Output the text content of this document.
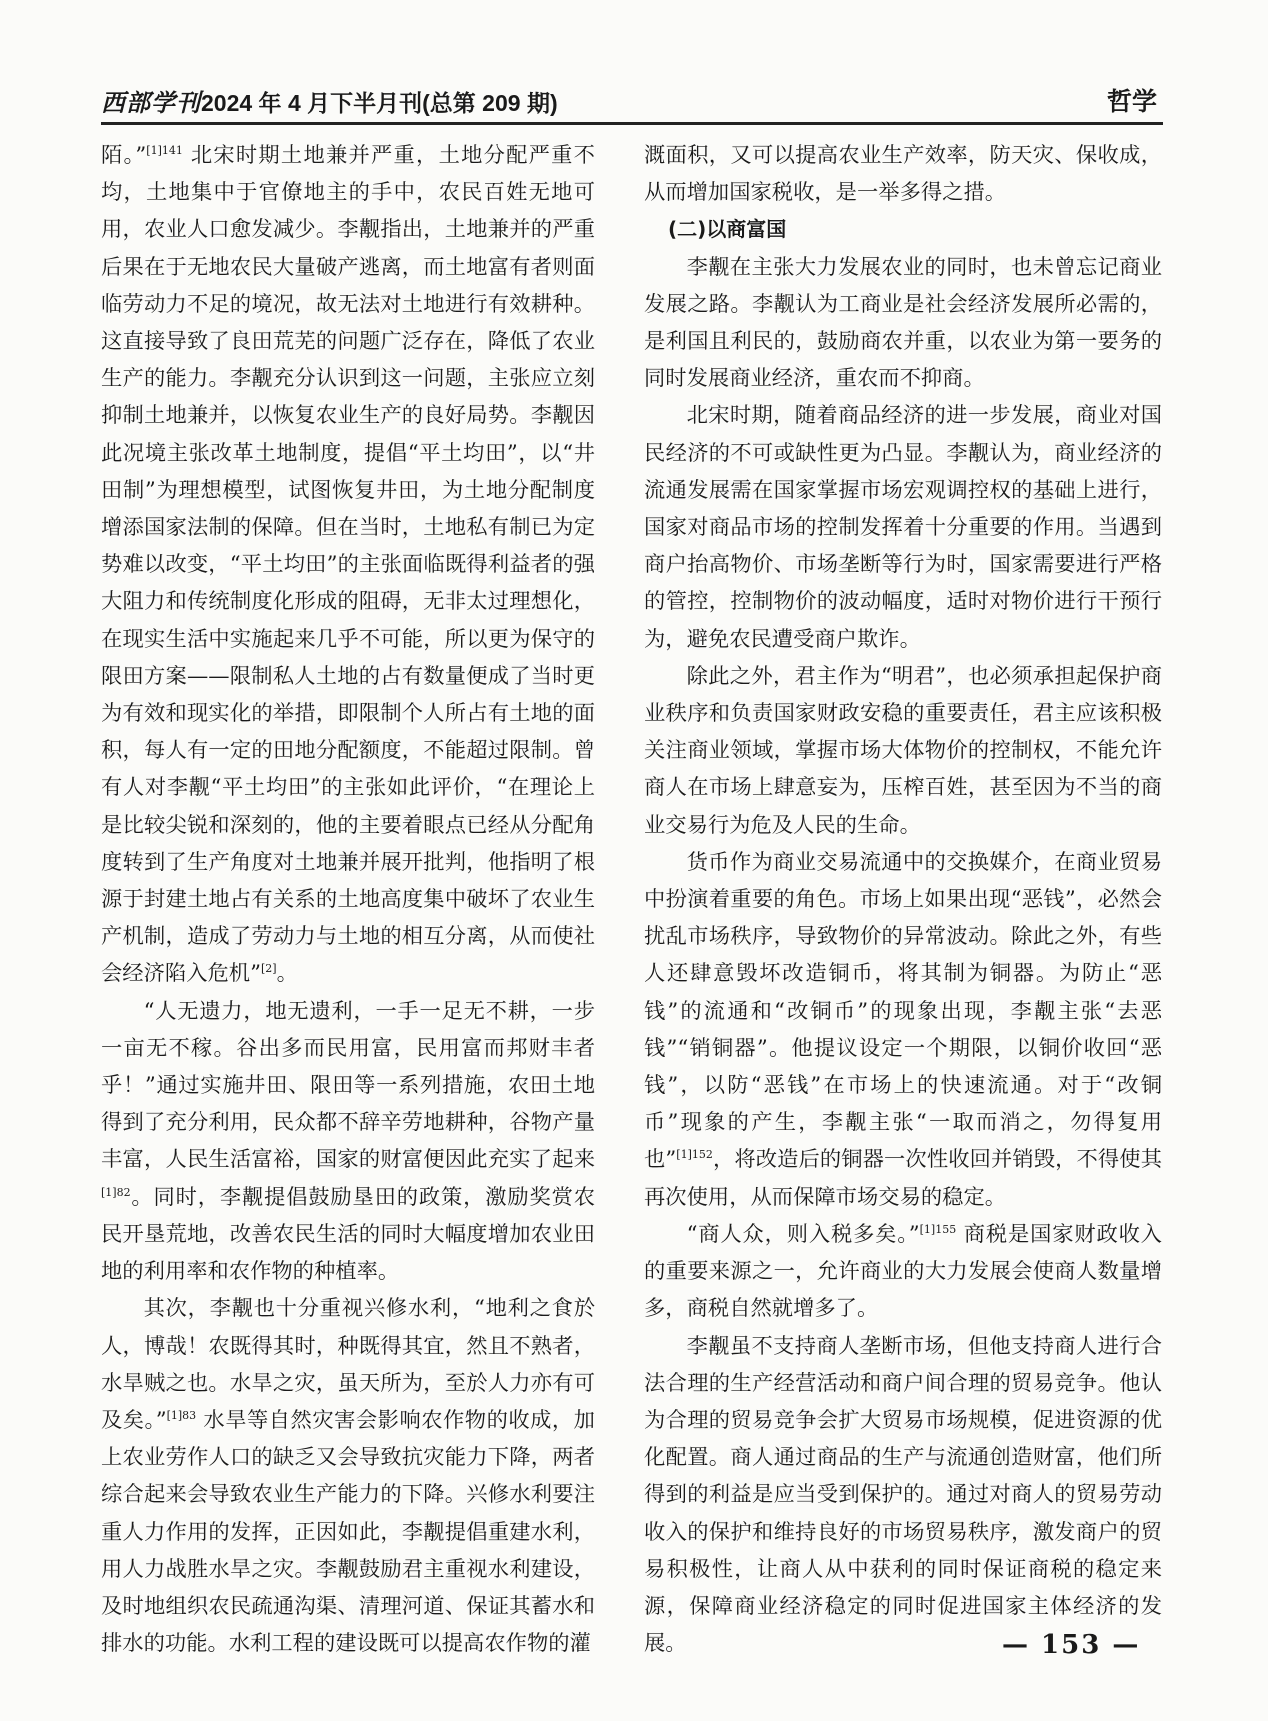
西部学刊 2024 年 4 月下半月刊(总第 209 期)	哲学

陌。”$^{[1]141}$ 北宋时期土地兼并严重，土地分配严重不均，土地集中于官僚地主的手中，农民百姓无地可用，农业人口愈发减少。李觏指出，土地兼并的严重后果在于无地农民大量破产逃离，而土地富有者则面临劳动力不足的境况，故无法对土地进行有效耕种。这直接导致了良田荒芜的问题广泛存在，降低了农业生产的能力。李觏充分认识到这一问题，主张应立刻抑制土地兼并，以恢复农业生产的良好局势。李觏因此况境主张改革土地制度，提倡“平土均田”，以“井田制”为理想模型，试图恢复井田，为土地分配制度增添国家法制的保障。但在当时，土地私有制已为定势难以改变，“平土均田”的主张面临既得利益者的强大阻力和传统制度化形成的阻碍，无非太过理想化，在现实生活中实施起来几乎不可能，所以更为保守的限田方案——限制私人土地的占有数量便成了当时更为有效和现实化的举措，即限制个人所占有土地的面积，每人有一定的田地分配额度，不能超过限制。曾有人对李觏“平土均田”的主张如此评价，“在理论上是比较尖锐和深刻的，他的主要着眼点已经从分配角度转到了生产角度对土地兼并展开批判，他指明了根源于封建土地占有关系的土地高度集中破坏了农业生产机制，造成了劳动力与土地的相互分离，从而使社会经济陷入危机”[2]。

“人无遗力，地无遗利，一手一足无不耕，一步一亩无不稼。谷出多而民用富，民用富而邦财丰者乎！”通过实施井田、限田等一系列措施，农田土地得到了充分利用，民众都不辞辛劳地耕种，谷物产量丰富，人民生活富裕，国家的财富便因此充实了起来$^{[1]82}$。同时，李觏提倡鼓励垦田的政策，激励奖赏农民开垦荒地，改善农民生活的同时大幅度增加农业田地的利用率和农作物的种植率。

其次，李觏也十分重视兴修水利，“地利之食於人，博哉！农既得其时，种既得其宜，然且不熟者，水旱贼之也。水旱之灾，虽天所为，至於人力亦有可及矣。”$^{[1]83}$ 水旱等自然灾害会影响农作物的收成，加上农业劳作人口的缺乏又会导致抗灾能力下降，两者综合起来会导致农业生产能力的下降。兴修水利要注重人力作用的发挥，正因如此，李觏提倡重建水利，用人力战胜水旱之灾。李觏鼓励君主重视水利建设，及时地组织农民疏通沟渠、清理河道、保证其蓄水和排水的功能。水利工程的建设既可以提高农作物的灌

溉面积，又可以提高农业生产效率，防天灾、保收成，从而增加国家税收，是一举多得之措。

(二)以商富国

李觏在主张大力发展农业的同时，也未曾忘记商业发展之路。李觏认为工商业是社会经济发展所必需的，是利国且利民的，鼓励商农并重，以农业为第一要务的同时发展商业经济，重农而不抑商。

北宋时期，随着商品经济的进一步发展，商业对国民经济的不可或缺性更为凸显。李觏认为，商业经济的流通发展需在国家掌握市场宏观调控权的基础上进行，国家对商品市场的控制发挥着十分重要的作用。当遇到商户抬高物价、市场垄断等行为时，国家需要进行严格的管控，控制物价的波动幅度，适时对物价进行干预行为，避免农民遭受商户欺诈。

除此之外，君主作为“明君”，也必须承担起保护商业秩序和负责国家财政安稳的重要责任，君主应该积极关注商业领域，掌握市场大体物价的控制权，不能允许商人在市场上肆意妄为，压榨百姓，甚至因为不当的商业交易行为危及人民的生命。

货币作为商业交易流通中的交换媒介，在商业贸易中扮演着重要的角色。市场上如果出现“恶钱”，必然会扰乱市场秩序，导致物价的异常波动。除此之外，有些人还肆意毁坏改造铜币，将其制为铜器。为防止“恶钱”的流通和“改铜币”的现象出现，李觏主张“去恶钱”“销铜器”。他提议设定一个期限，以铜价收回“恶钱”，以防“恶钱”在市场上的快速流通。对于“改铜币”现象的产生，李觏主张“一取而消之，勿得复用也”$^{[1]152}$，将改造后的铜器一次性收回并销毁，不得使其再次使用，从而保障市场交易的稳定。

“商人众，则入税多矣。”$^{[1]155}$ 商税是国家财政收入的重要来源之一，允许商业的大力发展会使商人数量增多，商税自然就增多了。

李觏虽不支持商人垄断市场，但他支持商人进行合法合理的生产经营活动和商户间合理的贸易竞争。他认为合理的贸易竞争会扩大贸易市场规模，促进资源的优化配置。商人通过商品的生产与流通创造财富，他们所得到的利益是应当受到保护的。通过对商人的贸易劳动收入的保护和维持良好的市场贸易秩序，激发商户的贸易积极性，让商人从中获利的同时保证商税的稳定来源，保障商业经济稳定的同时促进国家主体经济的发展。	— 153 —
